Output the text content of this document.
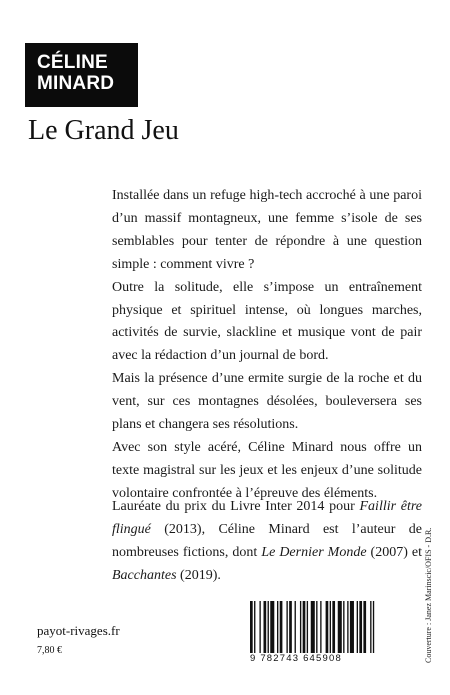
CÉLINE
MINARD
Le Grand Jeu

Installée dans un refuge high-tech accroché à une paroi d’un massif montagneux, une femme s’isole de ses semblables pour tenter de répondre à une question simple : comment vivre ?

Outre la solitude, elle s’impose un entraînement physique et spirituel intense, où longues marches, activités de survie, slackline et musique vont de pair avec la rédaction d’un journal de bord.

Mais la présence d’une ermite surgie de la roche et du vent, sur ces montagnes désolées, bouleversera ses plans et changera ses résolutions.

Avec son style acéré, Céline Minard nous offre un texte magistral sur les jeux et les enjeux d’une solitude volontaire confrontée à l’épreuve des éléments.

Lauréate du prix du Livre Inter 2014 pour Faillir être flingué (2013), Céline Minard est l’auteur de nombreuses fictions, dont Le Dernier Monde (2007) et Bacchantes (2019).

payot-rivages.fr
7,80 €
9 782743 645908	Couverture : Janez Marinscic/OFIS - D.R.
